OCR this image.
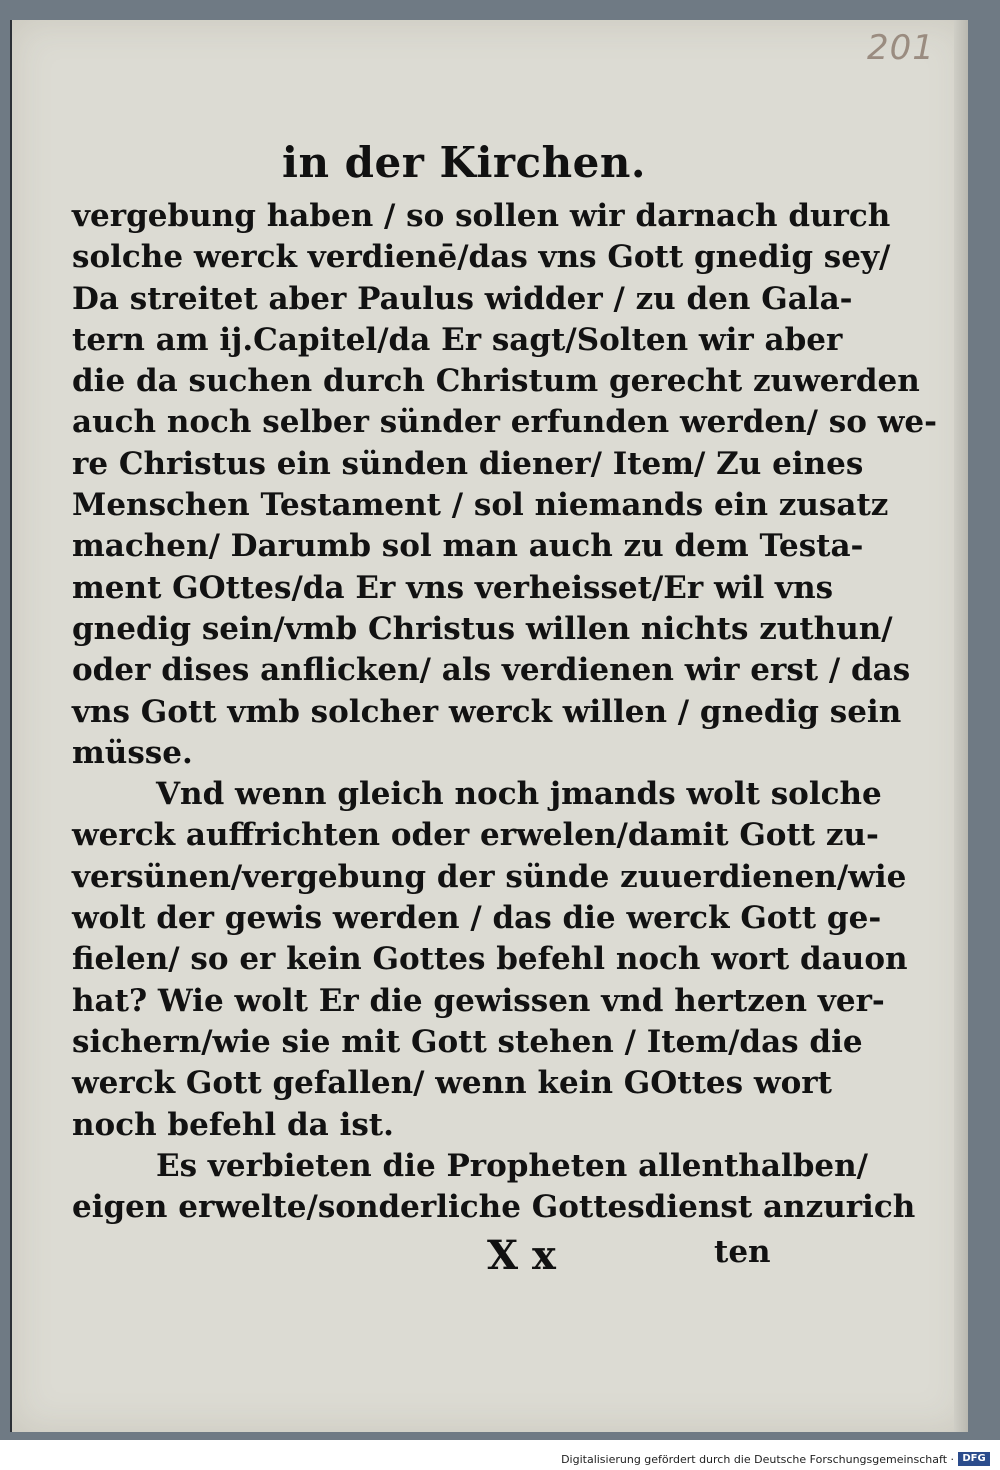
201
in der Kirchen.
vergebung haben / so sollen wir darnach durch
solche werck verdienē/das vns Gott gnedig sey/
Da streitet aber Paulus widder / zu den Gala-
tern am ij.Capitel/da Er sagt/Solten wir aber
die da suchen durch Christum gerecht zuwerden
auch noch selber sünder erfunden werden/ so we-
re Christus ein sünden diener/ Item/ Zu eines
Menschen Testament / sol niemands ein zusatz
machen/ Darumb sol man auch zu dem Testa-
ment GOttes/da Er vns verheisset/Er wil vns
gnedig sein/vmb Christus willen nichts zuthun/
oder dises anflicken/ als verdienen wir erst / das
vns Gott vmb solcher werck willen / gnedig sein
müsse.
Vnd wenn gleich noch jmands wolt solche
werck auffrichten oder erwelen/damit Gott zu-
versünen/vergebung der sünde zuuerdienen/wie
wolt der gewis werden / das die werck Gott ge-
fielen/ so er kein Gottes befehl noch wort dauon
hat? Wie wolt Er die gewissen vnd hertzen ver-
sichern/wie sie mit Gott stehen / Item/das die
werck Gott gefallen/ wenn kein GOttes wort
noch befehl da ist.
Es verbieten die Propheten allenthalben/
eigen erwelte/sonderliche Gottesdienst anzurich
X x	ten
Digitalisierung gefördert durch die Deutsche Forschungsgemeinschaft · DFG
